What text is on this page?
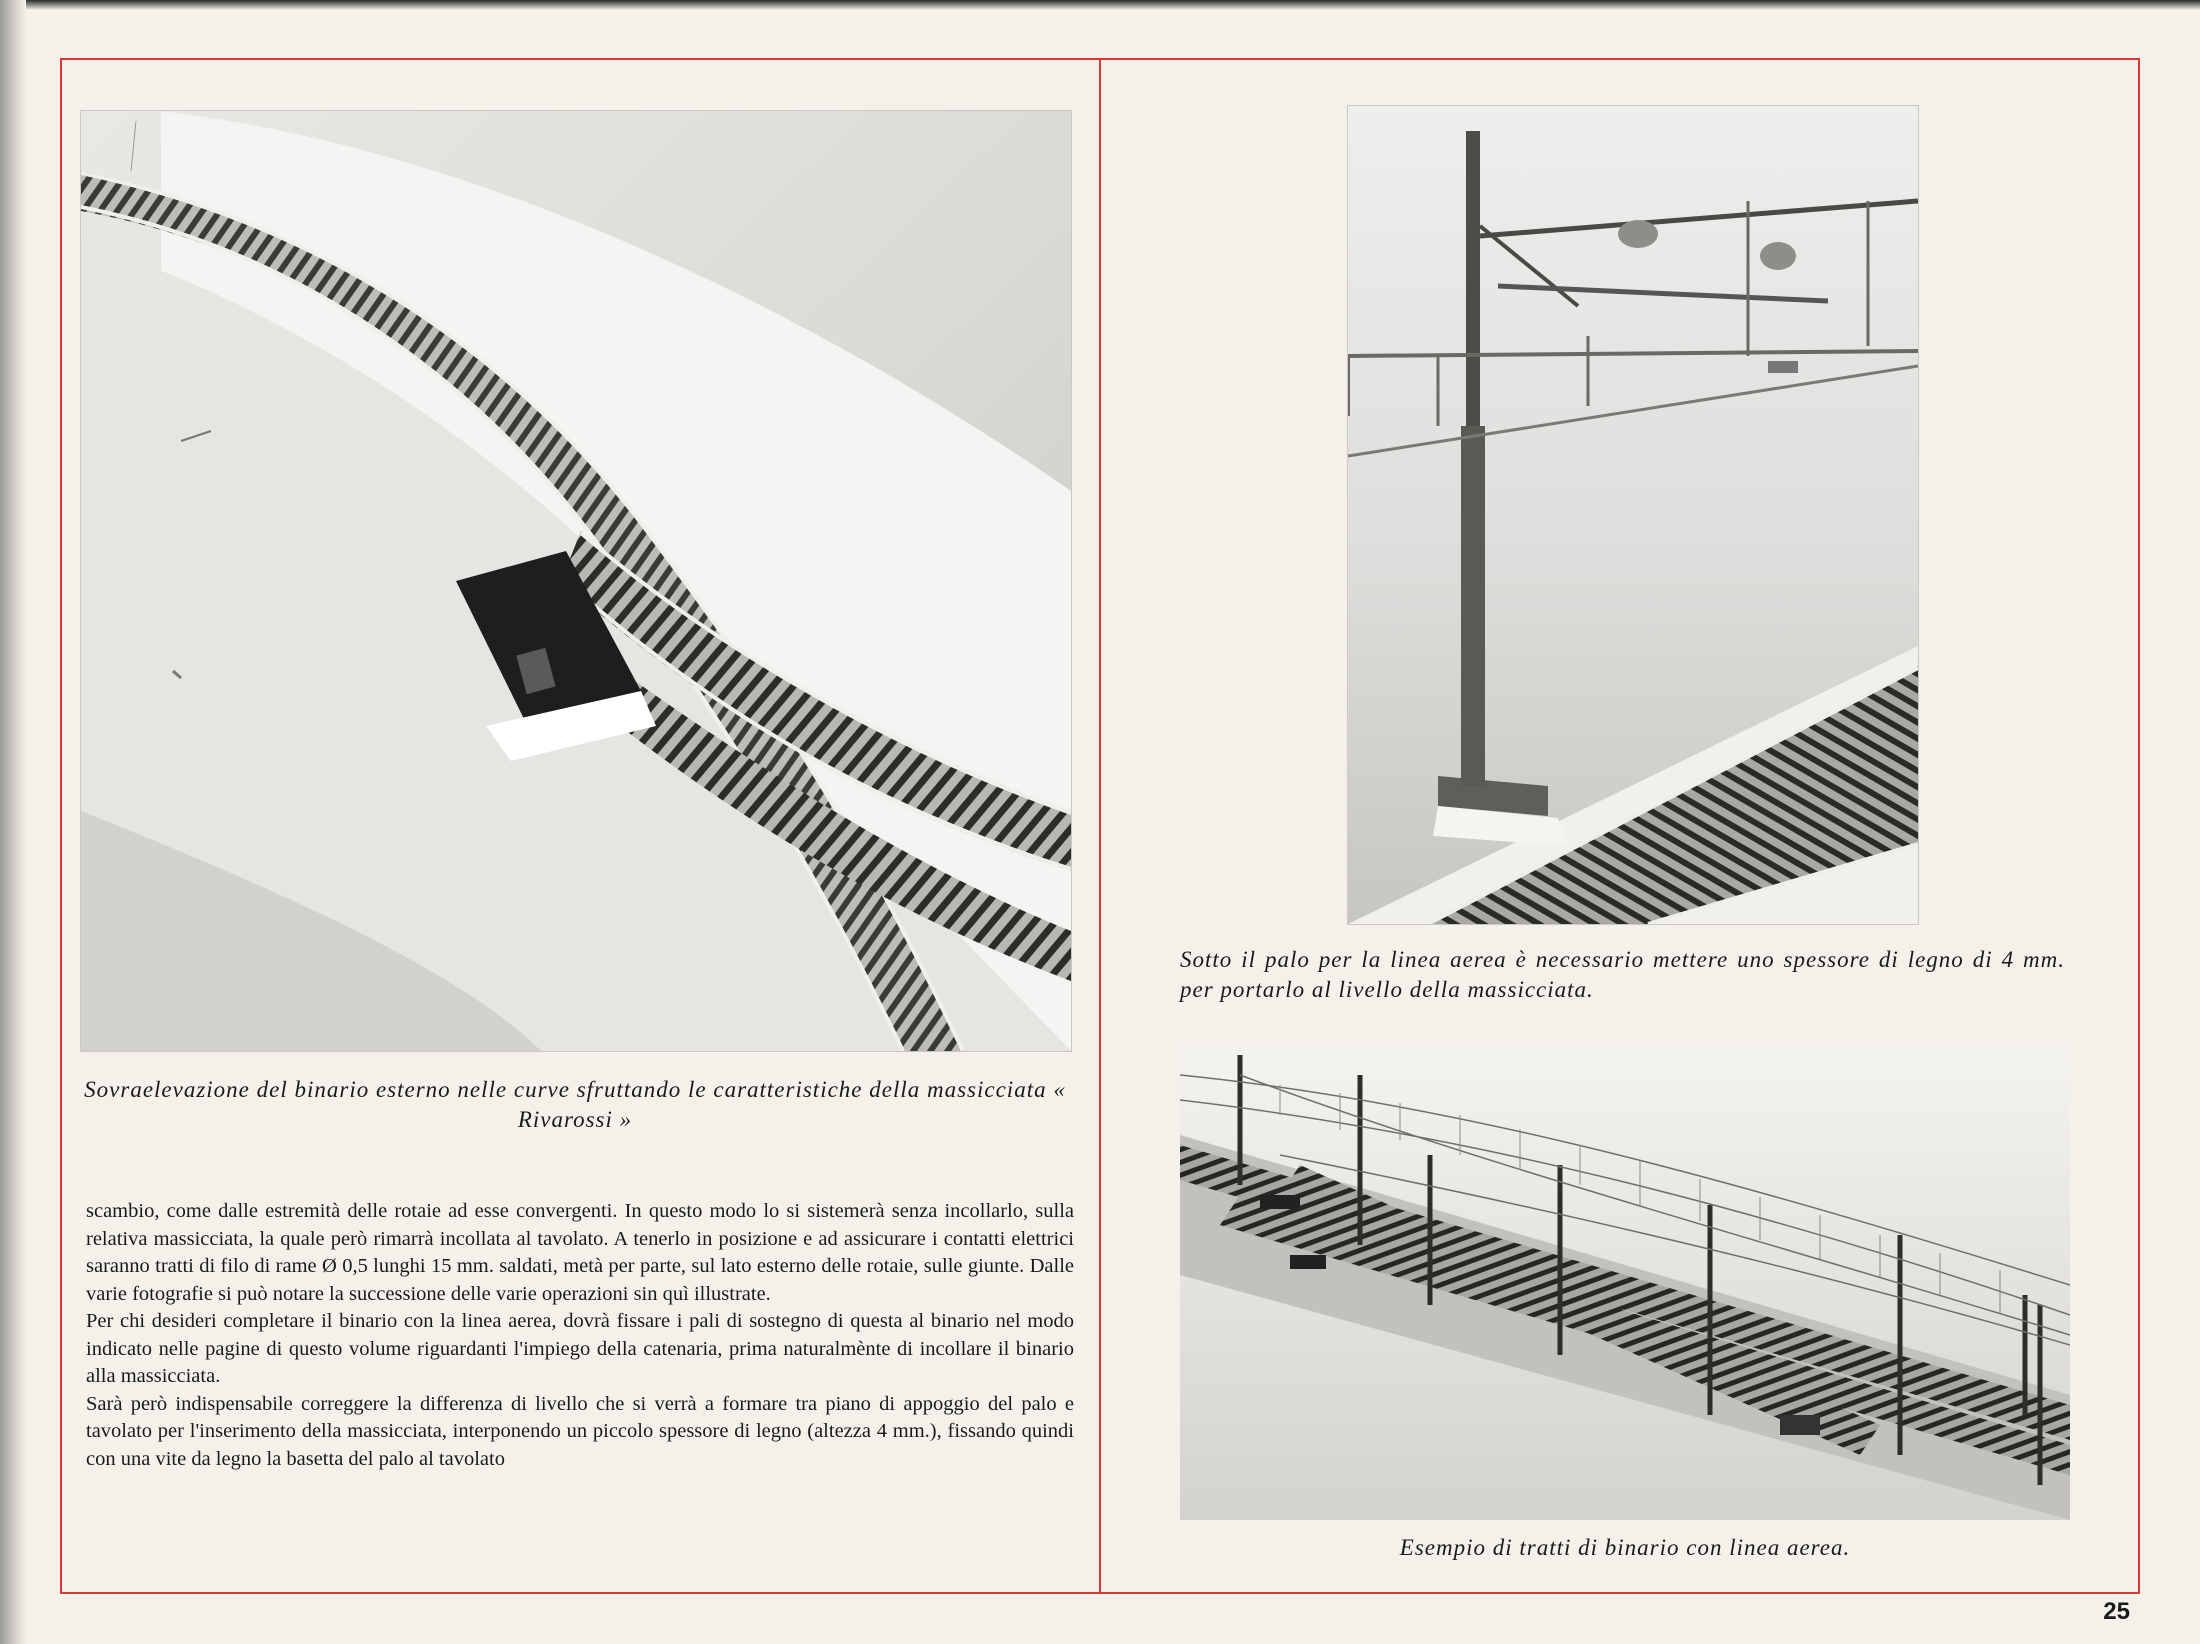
Sovraelevazione del binario esterno nelle curve sfruttando le caratteristiche della massicciata « Rivarossi »
Sotto il palo per la linea aerea è necessario mettere uno spessore di legno di 4 mm. per portarlo al livello della massicciata.
Esempio di tratti di binario con linea aerea.

scambio, come dalle estremità delle rotaie ad esse convergenti. In questo modo lo si sistemerà senza incollarlo, sulla relativa massicciata, la quale però rimarrà incollata al tavolato. A tenerlo in posizione e ad assicurare i contatti elettrici saranno tratti di filo di rame Ø 0,5 lunghi 15 mm. saldati, metà per parte, sul lato esterno delle rotaie, sulle giunte. Dalle varie fotografie si può notare la successione delle varie operazioni sin quì illustrate.

Per chi desideri completare il binario con la linea aerea, dovrà fissare i pali di sostegno di questa al binario nel modo indicato nelle pagine di questo volume riguardanti l'impiego della catenaria, prima naturalmènte di incollare il binario alla massicciata.

Sarà però indispensabile correggere la differenza di livello che si verrà a formare tra piano di appoggio del palo e tavolato per l'inserimento della massicciata, interponendo un piccolo spessore di legno (altezza 4 mm.), fissando quindi con una vite da legno la basetta del palo al tavolato

25
